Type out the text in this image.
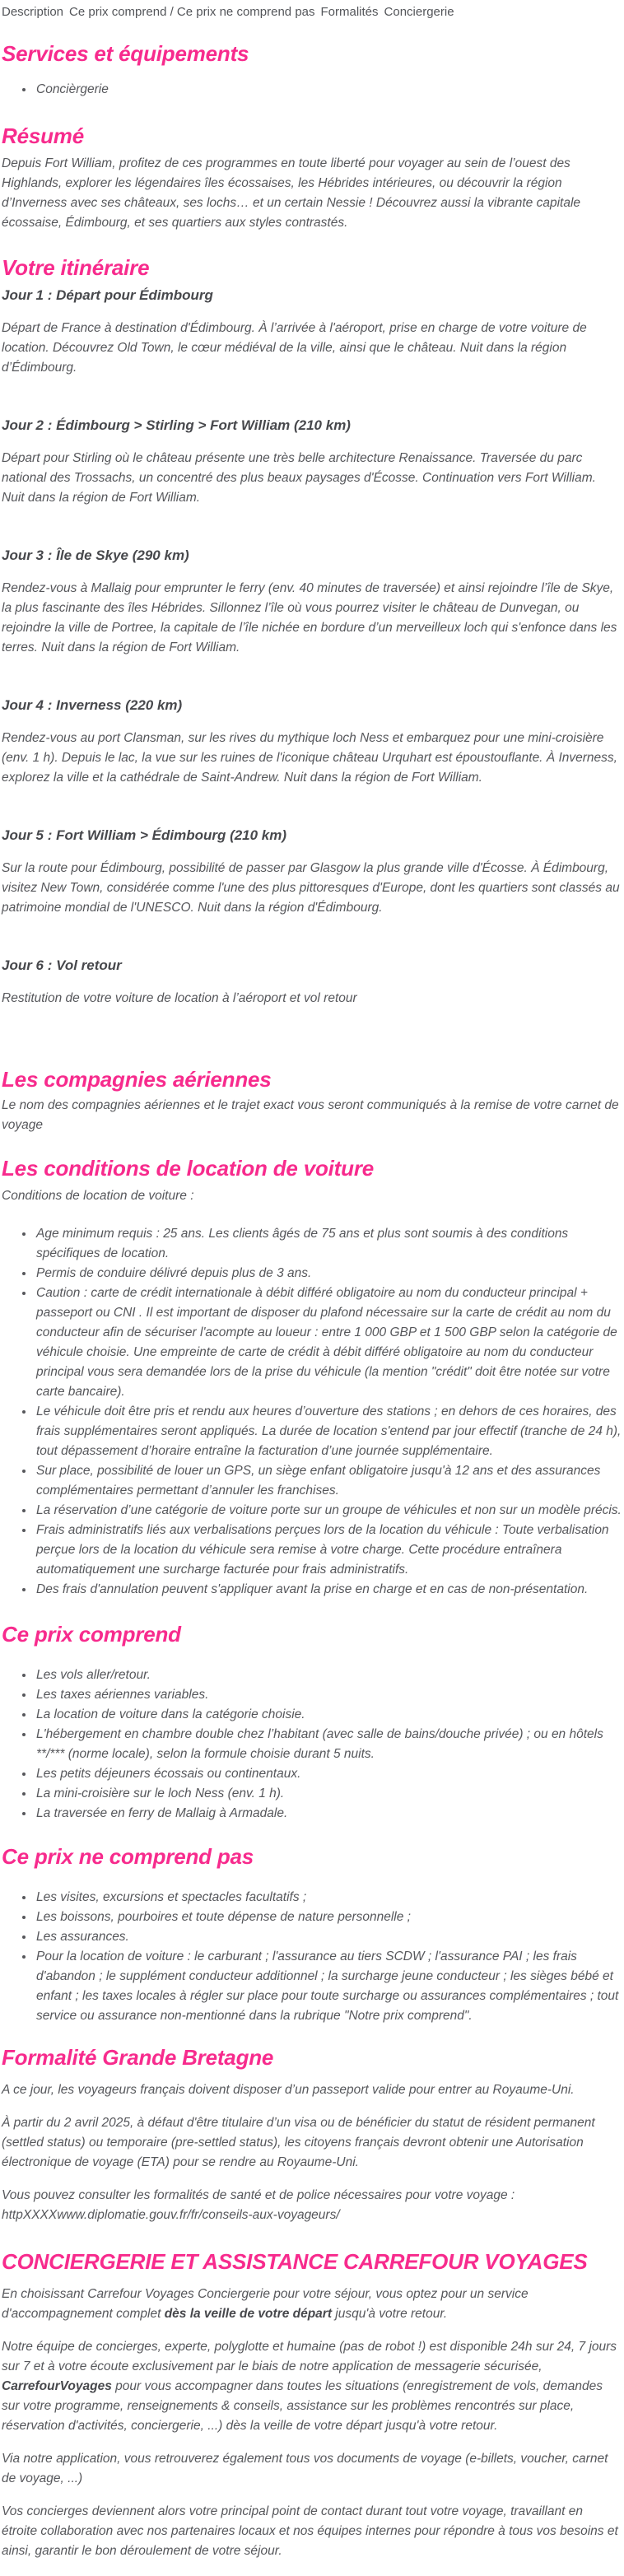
Description Ce prix comprend / Ce prix ne comprend pas Formalités Conciergerie
Services et équipements
• Concièrgerie
Résumé

Depuis Fort William, profitez de ces programmes en toute liberté pour voyager au sein de l’ouest des Highlands, explorer les légendaires îles écossaises, les Hébrides intérieures, ou découvrir la région d’Inverness avec ses châteaux, ses lochs… et un certain Nessie ! Découvrez aussi la vibrante capitale écossaise, Édimbourg, et ses quartiers aux styles contrastés.

Votre itinéraire

Jour 1 : Départ pour Édimbourg

Départ de France à destination d'Édimbourg. À l’arrivée à l'aéroport, prise en charge de votre voiture de location. Découvrez Old Town, le cœur médiéval de la ville, ainsi que le château. Nuit dans la région d’Édimbourg.

Jour 2 : Édimbourg > Stirling > Fort William (210 km)

Départ pour Stirling où le château présente une très belle architecture Renaissance. Traversée du parc national des Trossachs, un concentré des plus beaux paysages d'Écosse. Continuation vers Fort William. Nuit dans la région de Fort William.

Jour 3 : Île de Skye (290 km)

Rendez-vous à Mallaig pour emprunter le ferry (env. 40 minutes de traversée) et ainsi rejoindre l’île de Skye, la plus fascinante des îles Hébrides. Sillonnez l’île où vous pourrez visiter le château de Dunvegan, ou rejoindre la ville de Portree, la capitale de l’île nichée en bordure d’un merveilleux loch qui s'enfonce dans les terres. Nuit dans la région de Fort William.

Jour 4 : Inverness (220 km)

Rendez-vous au port Clansman, sur les rives du mythique loch Ness et embarquez pour une mini-croisière (env. 1 h). Depuis le lac, la vue sur les ruines de l'iconique château Urquhart est époustouflante. À Inverness, explorez la ville et la cathédrale de Saint-Andrew. Nuit dans la région de Fort William.

Jour 5 : Fort William > Édimbourg (210 km)

Sur la route pour Édimbourg, possibilité de passer par Glasgow la plus grande ville d'Écosse. À Édimbourg, visitez New Town, considérée comme l'une des plus pittoresques d'Europe, dont les quartiers sont classés au patrimoine mondial de l'UNESCO. Nuit dans la région d'Édimbourg.

Jour 6 : Vol retour

Restitution de votre voiture de location à l’aéroport et vol retour

Les compagnies aériennes

Le nom des compagnies aériennes et le trajet exact vous seront communiqués à la remise de votre carnet de voyage

Les conditions de location de voiture

Conditions de location de voiture :

• Age minimum requis : 25 ans. Les clients âgés de 75 ans et plus sont soumis à des conditions spécifiques de location.
• Permis de conduire délivré depuis plus de 3 ans.
• Caution : carte de crédit internationale à débit différé obligatoire au nom du conducteur principal + passeport ou CNI . Il est important de disposer du plafond nécessaire sur la carte de crédit au nom du conducteur afin de sécuriser l'acompte au loueur : entre 1 000 GBP et 1 500 GBP selon la catégorie de véhicule choisie. Une empreinte de carte de crédit à débit différé obligatoire au nom du conducteur principal vous sera demandée lors de la prise du véhicule (la mention "crédit" doit être notée sur votre carte bancaire).
• Le véhicule doit être pris et rendu aux heures d’ouverture des stations ; en dehors de ces horaires, des frais supplémentaires seront appliqués. La durée de location s'entend par jour effectif (tranche de 24 h), tout dépassement d’horaire entraîne la facturation d’une journée supplémentaire.
• Sur place, possibilité de louer un GPS, un siège enfant obligatoire jusqu'à 12 ans et des assurances complémentaires permettant d’annuler les franchises.
• La réservation d’une catégorie de voiture porte sur un groupe de véhicules et non sur un modèle précis.
• Frais administratifs liés aux verbalisations perçues lors de la location du véhicule : Toute verbalisation perçue lors de la location du véhicule sera remise à votre charge. Cette procédure entraînera automatiquement une surcharge facturée pour frais administratifs.
• Des frais d'annulation peuvent s'appliquer avant la prise en charge et en cas de non-présentation.
Ce prix comprend
• Les vols aller/retour.
• Les taxes aériennes variables.
• La location de voiture dans la catégorie choisie.
• L'hébergement en chambre double chez l’habitant (avec salle de bains/douche privée) ; ou en hôtels **/*** (norme locale), selon la formule choisie durant 5 nuits.
• Les petits déjeuners écossais ou continentaux.
• La mini-croisière sur le loch Ness (env. 1 h).
• La traversée en ferry de Mallaig à Armadale.
Ce prix ne comprend pas
• Les visites, excursions et spectacles facultatifs ;
• Les boissons, pourboires et toute dépense de nature personnelle ;
• Les assurances.
• Pour la location de voiture : le carburant ; l'assurance au tiers SCDW ; l'assurance PAI ; les frais d'abandon ; le supplément conducteur additionnel ; la surcharge jeune conducteur ; les sièges bébé et enfant ; les taxes locales à régler sur place pour toute surcharge ou assurances complémentaires ; tout service ou assurance non-mentionné dans la rubrique "Notre prix comprend".
Formalité Grande Bretagne

A ce jour, les voyageurs français doivent disposer d’un passeport valide pour entrer au Royaume-Uni.

À partir du 2 avril 2025, à défaut d'être titulaire d’un visa ou de bénéficier du statut de résident permanent (settled status) ou temporaire (pre-settled status), les citoyens français devront obtenir une Autorisation électronique de voyage (ETA) pour se rendre au Royaume-Uni.

Vous pouvez consulter les formalités de santé et de police nécessaires pour votre voyage :

httpXXXXwww.diplomatie.gouv.fr/fr/conseils-aux-voyageurs/

CONCIERGERIE ET ASSISTANCE CARREFOUR VOYAGES

En choisissant Carrefour Voyages Conciergerie pour votre séjour, vous optez pour un service d'accompagnement complet dès la veille de votre départ jusqu'à votre retour.

Notre équipe de concierges, experte, polyglotte et humaine (pas de robot !) est disponible 24h sur 24, 7 jours sur 7 et à votre écoute exclusivement par le biais de notre application de messagerie sécurisée, CarrefourVoyages pour vous accompagner dans toutes les situations (enregistrement de vols, demandes sur votre programme, renseignements & conseils, assistance sur les problèmes rencontrés sur place, réservation d'activités, conciergerie, ...) dès la veille de votre départ jusqu'à votre retour.

Via notre application, vous retrouverez également tous vos documents de voyage (e-billets, voucher, carnet de voyage, ...)

Vos concierges deviennent alors votre principal point de contact durant tout votre voyage, travaillant en étroite collaboration avec nos partenaires locaux et nos équipes internes pour répondre à tous vos besoins et ainsi, garantir le bon déroulement de votre séjour.
